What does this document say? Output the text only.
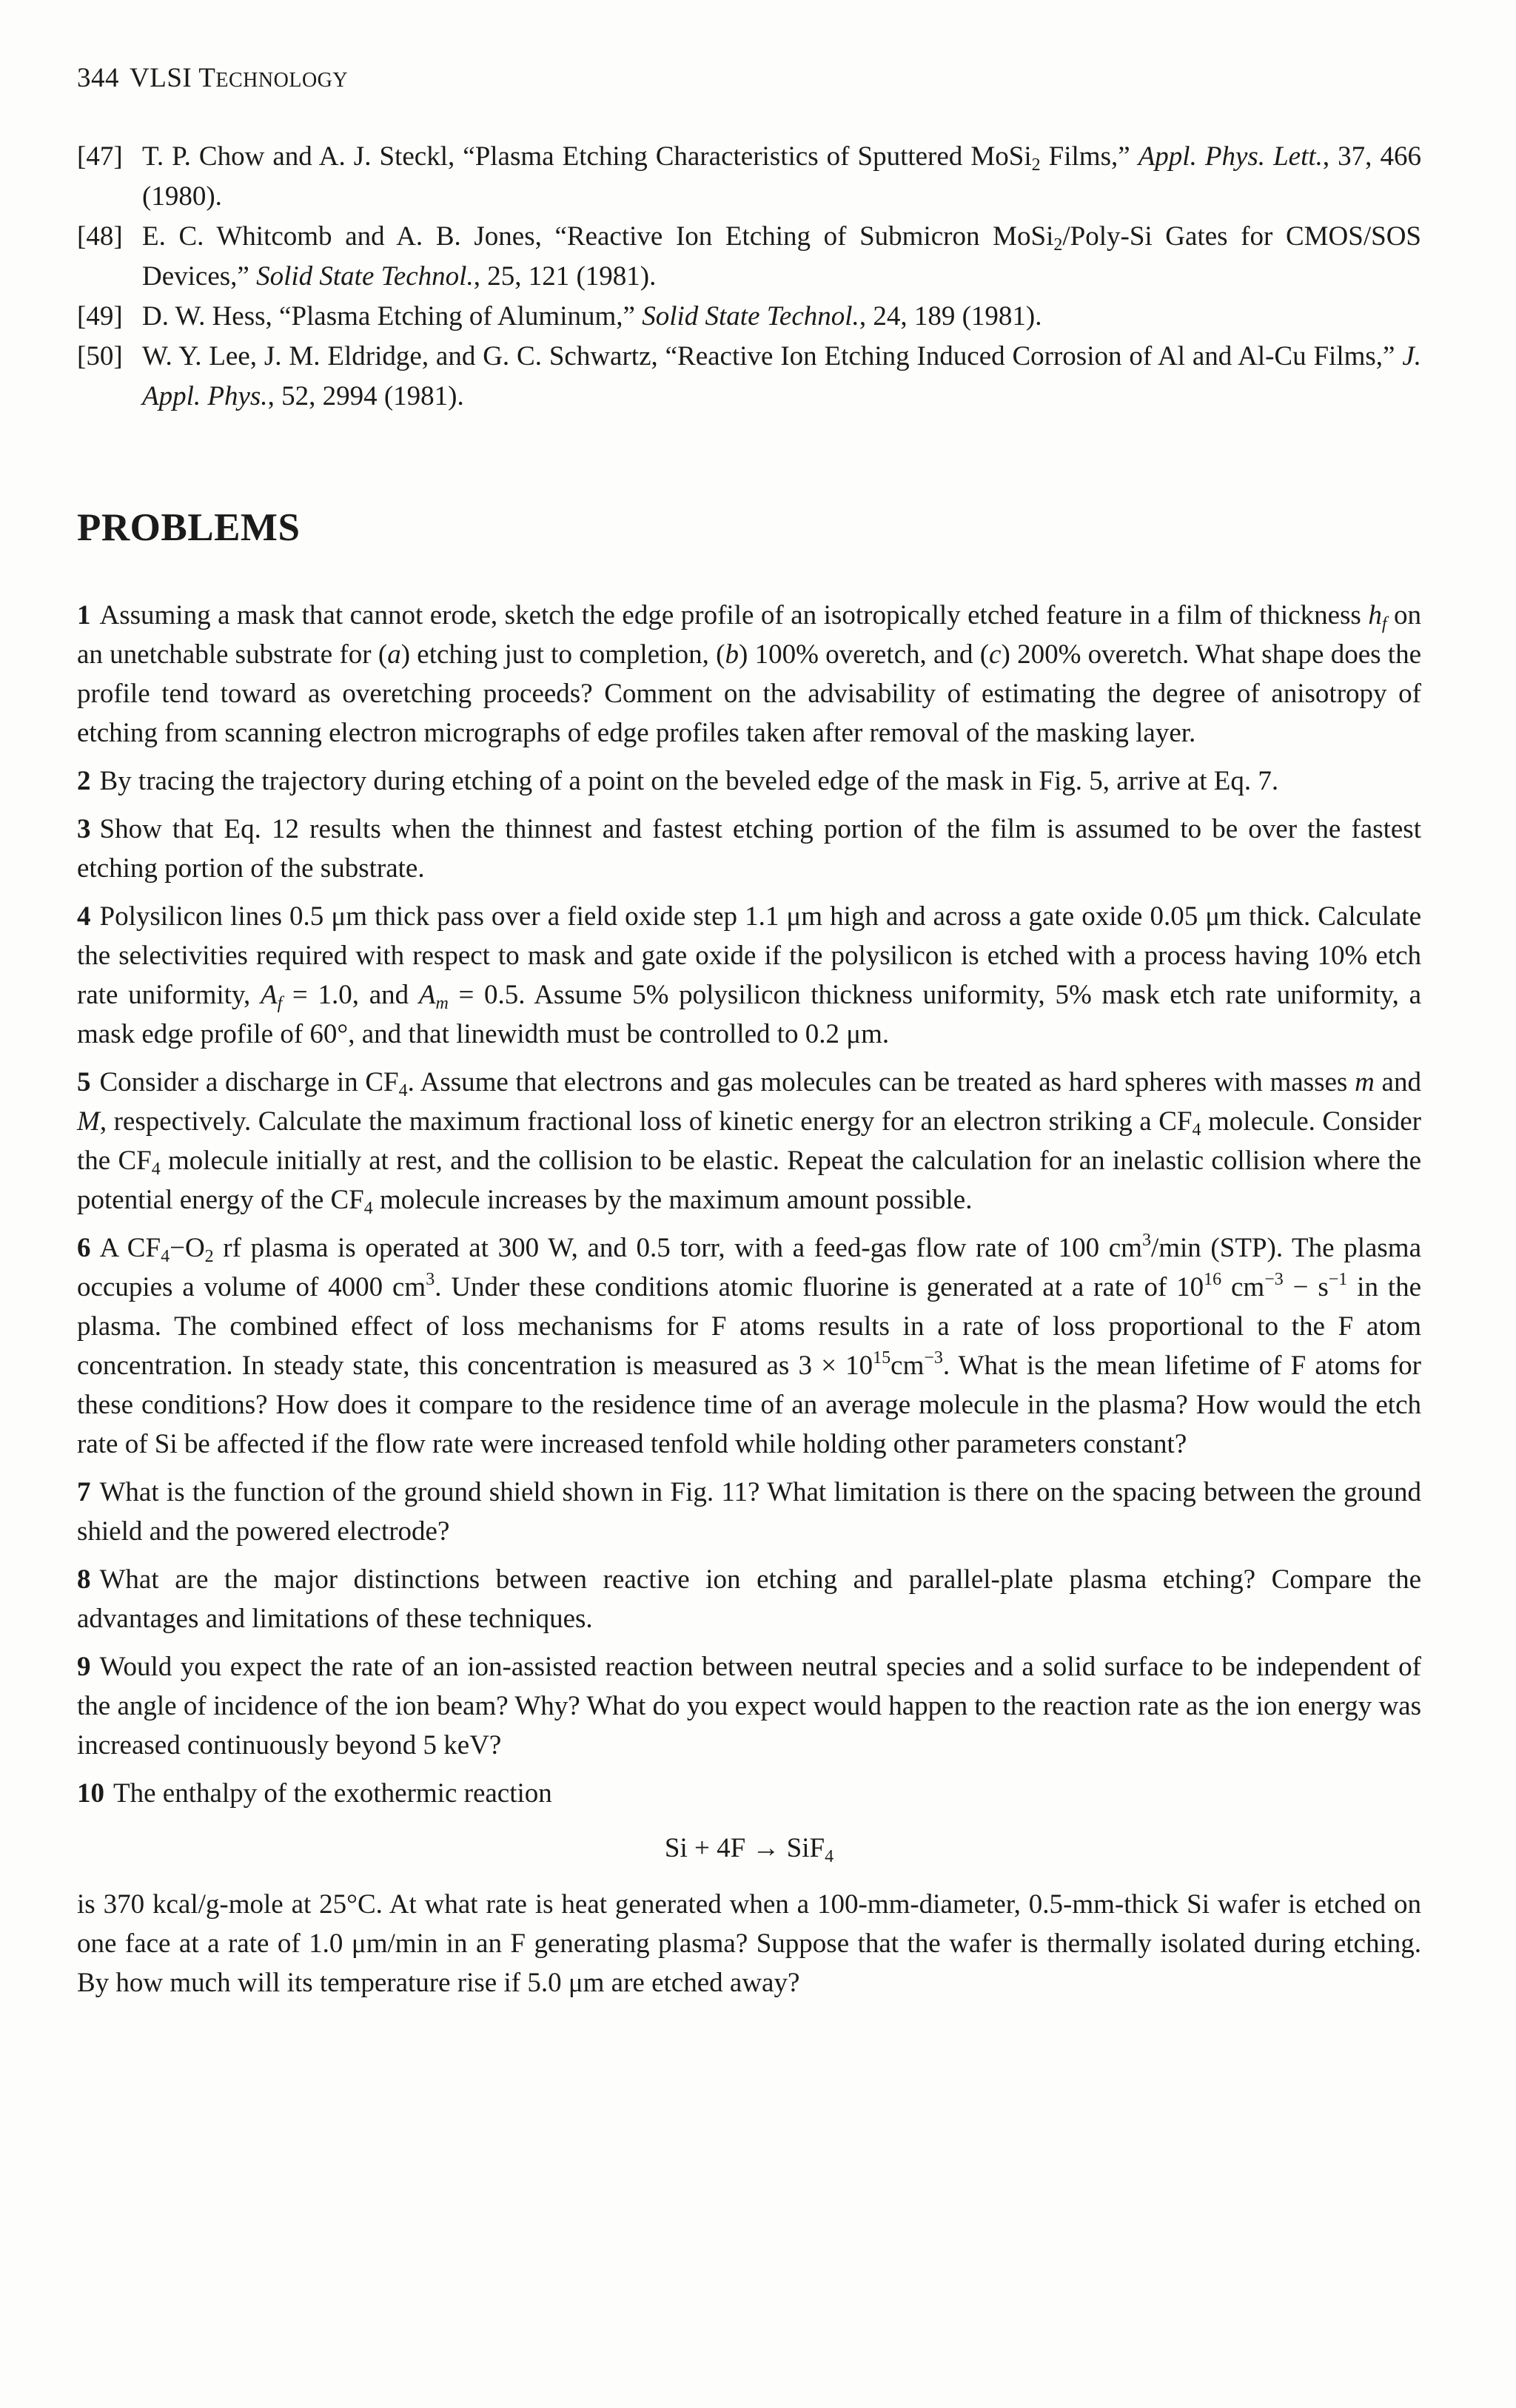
344 VLSI TECHNOLOGY
[47] T. P. Chow and A. J. Steckl, “Plasma Etching Characteristics of Sputtered MoSi$_2$ Films,” Appl. Phys. Lett., 37, 466 (1980).
[48] E. C. Whitcomb and A. B. Jones, “Reactive Ion Etching of Submicron MoSi$_2$/Poly-Si Gates for CMOS/SOS Devices,” Solid State Technol., 25, 121 (1981).
[49] D. W. Hess, “Plasma Etching of Aluminum,” Solid State Technol., 24, 189 (1981).
[50] W. Y. Lee, J. M. Eldridge, and G. C. Schwartz, “Reactive Ion Etching Induced Corrosion of Al and Al-Cu Films,” J. Appl. Phys., 52, 2994 (1981).
PROBLEMS
1 Assuming a mask that cannot erode, sketch the edge profile of an isotropically etched feature in a film of thickness $h_f$ on an unetchable substrate for (a) etching just to completion, (b) 100% overetch, and (c) 200% overetch. What shape does the profile tend toward as overetching proceeds? Comment on the advisability of estimating the degree of anisotropy of etching from scanning electron micrographs of edge profiles taken after removal of the masking layer.
2 By tracing the trajectory during etching of a point on the beveled edge of the mask in Fig. 5, arrive at Eq. 7.
3 Show that Eq. 12 results when the thinnest and fastest etching portion of the film is assumed to be over the fastest etching portion of the substrate.
4 Polysilicon lines 0.5 μm thick pass over a field oxide step 1.1 μm high and across a gate oxide 0.05 μm thick. Calculate the selectivities required with respect to mask and gate oxide if the polysilicon is etched with a process having 10% etch rate uniformity, $A_f = 1.0$, and $A_m = 0.5$. Assume 5% polysilicon thickness uniformity, 5% mask etch rate uniformity, a mask edge profile of 60°, and that linewidth must be controlled to 0.2 μm.
5 Consider a discharge in $CF_4$. Assume that electrons and gas molecules can be treated as hard spheres with masses m and M, respectively. Calculate the maximum fractional loss of kinetic energy for an electron striking a $CF_4$ molecule. Consider the $CF_4$ molecule initially at rest, and the collision to be elastic. Repeat the calculation for an inelastic collision where the potential energy of the $CF_4$ molecule increases by the maximum amount possible.
6 A $CF_4-O_2$ rf plasma is operated at 300 W, and 0.5 torr, with a feed-gas flow rate of 100 $cm^3/\min$ (STP). The plasma occupies a volume of 4000 $cm^3$. Under these conditions atomic fluorine is generated at a rate of $10^{16}$ $cm^{-3} - s^{-1}$ in the plasma. The combined effect of loss mechanisms for F atoms results in a rate of loss proportional to the F atom concentration. In steady state, this concentration is measured as $3 \times 10^{15}cm^{-3}$. What is the mean lifetime of F atoms for these conditions? How does it compare to the residence time of an average molecule in the plasma? How would the etch rate of Si be affected if the flow rate were increased tenfold while holding other parameters constant?
7 What is the function of the ground shield shown in Fig. 11? What limitation is there on the spacing between the ground shield and the powered electrode?
8 What are the major distinctions between reactive ion etching and parallel-plate plasma etching? Compare the advantages and limitations of these techniques.
9 Would you expect the rate of an ion-assisted reaction between neutral species and a solid surface to be independent of the angle of incidence of the ion beam? Why? What do you expect would happen to the reaction rate as the ion energy was increased continuously beyond 5 keV?
10 The enthalpy of the exothermic reaction
Si + 4F → SiF$_4$
is 370 kcal/g-mole at 25°C. At what rate is heat generated when a 100-mm-diameter, 0.5-mm-thick Si wafer is etched on one face at a rate of 1.0 μm/min in an F generating plasma? Suppose that the wafer is thermally isolated during etching. By how much will its temperature rise if 5.0 μm are etched away?
